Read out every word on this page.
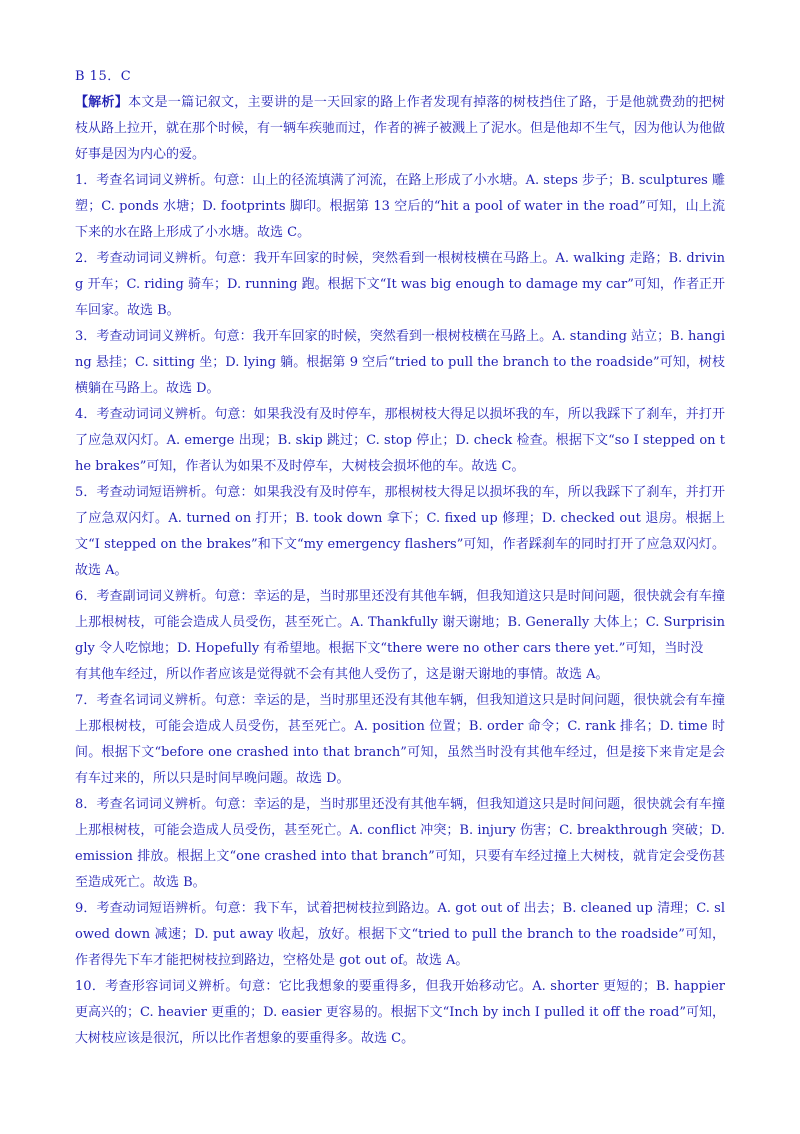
B 15．C

【解析】本文是一篇记叙文，主要讲的是一天回家的路上作者发现有掉落的树枝挡住了路，于是他就费劲的把树枝从路上拉开，就在那个时候，有一辆车疾驰而过，作者的裤子被溅上了泥水。但是他却不生气，因为他认为他做好事是因为内心的爱。

1．考查名词词义辨析。句意：山上的径流填满了河流，在路上形成了小水塘。A. steps 步子；B. sculptures 雕塑；C. ponds 水塘；D. footprints 脚印。根据第 13 空后的“hit a pool of water in the road”可知，山上流下来的水在路上形成了小水塘。故选 C。

2．考查动词词义辨析。句意：我开车回家的时候，突然看到一根树枝横在马路上。A. walking 走路；B. driving 开车；C. riding 骑车；D. running 跑。根据下文“It was big enough to damage my car”可知，作者正开车回家。故选 B。

3．考查动词词义辨析。句意：我开车回家的时候，突然看到一根树枝横在马路上。A. standing 站立；B. hanging 悬挂；C. sitting 坐；D. lying 躺。根据第 9 空后“tried to pull the branch to the roadside”可知，树枝横躺在马路上。故选 D。

4．考查动词词义辨析。句意：如果我没有及时停车，那根树枝大得足以损坏我的车，所以我踩下了刹车，并打开了应急双闪灯。A. emerge 出现；B. skip 跳过；C. stop 停止；D. check 检查。根据下文“so I stepped on the brakes”可知，作者认为如果不及时停车，大树枝会损坏他的车。故选 C。

5．考查动词短语辨析。句意：如果我没有及时停车，那根树枝大得足以损坏我的车，所以我踩下了刹车，并打开了应急双闪灯。A. turned on 打开；B. took down 拿下；C. fixed up 修理；D. checked out 退房。根据上文“I stepped on the brakes”和下文“my emergency flashers”可知，作者踩刹车的同时打开了应急双闪灯。故选 A。

6．考查副词词义辨析。句意：幸运的是，当时那里还没有其他车辆，但我知道这只是时间问题，很快就会有车撞上那根树枝，可能会造成人员受伤，甚至死亡。A. Thankfully 谢天谢地；B. Generally 大体上；C. Surprisingly 令人吃惊地；D. Hopefully 有希望地。根据下文“there were no other cars there yet.”可知，当时没

有其他车经过，所以作者应该是觉得就不会有其他人受伤了，这是谢天谢地的事情。故选 A。

7．考查名词词义辨析。句意：幸运的是，当时那里还没有其他车辆，但我知道这只是时间问题，很快就会有车撞上那根树枝，可能会造成人员受伤，甚至死亡。A. position 位置；B. order 命令；C. rank 排名；D. time 时间。根据下文“before one crashed into that branch”可知，虽然当时没有其他车经过，但是接下来肯定是会有车过来的，所以只是时间早晚问题。故选 D。

8．考查名词词义辨析。句意：幸运的是，当时那里还没有其他车辆，但我知道这只是时间问题，很快就会有车撞上那根树枝，可能会造成人员受伤，甚至死亡。A. conflict 冲突；B. injury 伤害；C. breakthrough 突破；D. emission 排放。根据上文“one crashed into that branch”可知，只要有车经过撞上大树枝，就肯定会受伤甚至造成死亡。故选 B。

9．考查动词短语辨析。句意：我下车，试着把树枝拉到路边。A. got out of 出去；B. cleaned up 清理；C. slowed down 减速；D. put away 收起，放好。根据下文“tried to pull the branch to the roadside”可知，作者得先下车才能把树枝拉到路边，空格处是 got out of。故选 A。

10．考查形容词词义辨析。句意：它比我想象的要重得多，但我开始移动它。A. shorter 更短的；B. happier 更高兴的；C. heavier 更重的；D. easier 更容易的。根据下文“Inch by inch I pulled it off the road”可知，大树枝应该是很沉，所以比作者想象的要重得多。故选 C。
